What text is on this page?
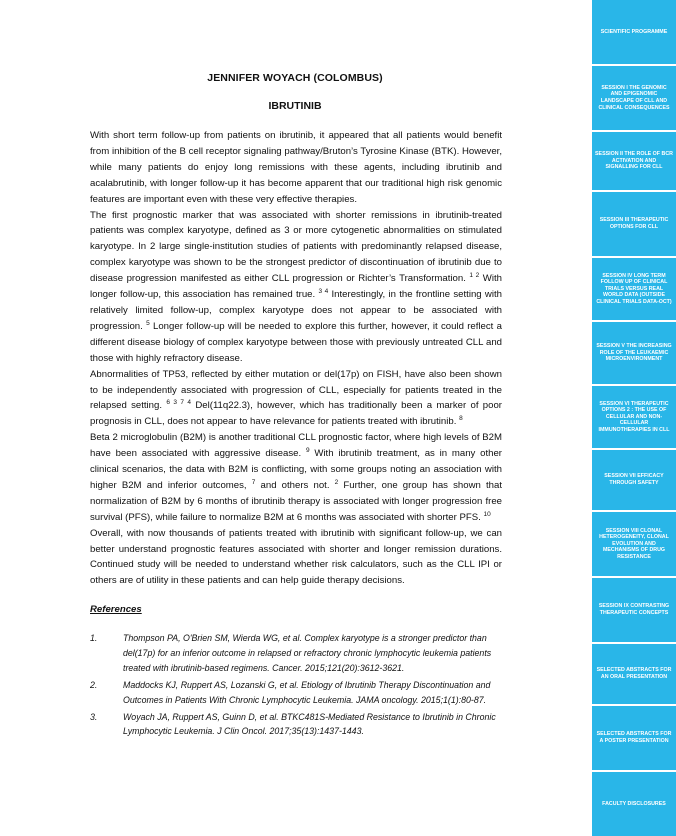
JENNIFER WOYACH (COLOMBUS)
IBRUTINIB

With short term follow-up from patients on ibrutinib, it appeared that all patients would benefit from inhibition of the B cell receptor signaling pathway/Bruton’s Tyrosine Kinase (BTK). However, while many patients do enjoy long remissions with these agents, including ibrutinib and acalabrutinib, with longer follow-up it has become apparent that our traditional high risk genomic features are important even with these very effective therapies.

The first prognostic marker that was associated with shorter remissions in ibrutinib-treated patients was complex karyotype, defined as 3 or more cytogenetic abnormalities on stimulated karyotype. In 2 large single-institution studies of patients with predominantly relapsed disease, complex karyotype was shown to be the strongest predictor of discontinuation of ibrutinib due to disease progression manifested as either CLL progression or Richter’s Transformation. $^{1 2}$ With longer follow-up, this association has remained true. $^{3 4}$ Interestingly, in the frontline setting with relatively limited follow-up, complex karyotype does not appear to be associated with progression. $^5$ Longer follow-up will be needed to explore this further, however, it could reflect a different disease biology of complex karyotype between those with previously untreated CLL and those with highly refractory disease.

Abnormalities of TP53, reflected by either mutation or del(17p) on FISH, have also been shown to be independently associated with progression of CLL, especially for patients treated in the relapsed setting. $^{6 3 7 4}$ Del(11q22.3), however, which has traditionally been a marker of poor prognosis in CLL, does not appear to have relevance for patients treated with ibrutinib. $^8$

Beta 2 microglobulin (B2M) is another traditional CLL prognostic factor, where high levels of B2M have been associated with aggressive disease. $^9$ With ibrutinib treatment, as in many other clinical scenarios, the data with B2M is conflicting, with some groups noting an association with higher B2M and inferior outcomes, $^7$ and others not. $^2$ Further, one group has shown that normalization of B2M by 6 months of ibrutinib therapy is associated with longer progression free survival (PFS), while failure to normalize B2M at 6 months was associated with shorter PFS. $^{10}$

Overall, with now thousands of patients treated with ibrutinib with significant follow-up, we can better understand prognostic features associated with shorter and longer remission durations. Continued study will be needed to understand whether risk calculators, such as the CLL IPI or others are of utility in these patients and can help guide therapy decisions.

References
1.	Thompson PA, O'Brien SM, Wierda WG, et al. Complex karyotype is a stronger predictor than del(17p) for an inferior outcome in relapsed or refractory chronic lymphocytic leukemia patients treated with ibrutinib-based regimens. Cancer. 2015;121(20):3612-3621.
2.	Maddocks KJ, Ruppert AS, Lozanski G, et al. Etiology of Ibrutinib Therapy Discontinuation and Outcomes in Patients With Chronic Lymphocytic Leukemia. JAMA oncology. 2015;1(1):80-87.
3.	Woyach JA, Ruppert AS, Guinn D, et al. BTKC481S-Mediated Resistance to Ibrutinib in Chronic Lymphocytic Leukemia. J Clin Oncol. 2017;35(13):1437-1443.
SCIENTIFIC PROGRAMME
SESSION I THE GENOMIC AND EPIGENOMIC LANDSCAPE OF CLL AND CLINICAL CONSEQUENCES
SESSION II THE ROLE OF BCR ACTIVATION AND SIGNALLING FOR CLL
SESSION III THERAPEUTIC OPTIONS FOR CLL
SESSION IV LONG TERM FOLLOW UP OF CLINICAL TRIALS VERSUS REAL WORLD DATA (OUTSIDE CLINICAL TRIALS DATA-OCT)
SESSION V THE INCREASING ROLE OF THE LEUKAEMIC MICROENVIRONMENT
SESSION VI THERAPEUTIC OPTIONS 2 : THE USE OF CELLULAR AND NON-CELLULAR IMMUNOTHERAPIES IN CLL
SESSION VII EFFICACY THROUGH SAFETY
SESSION VIII CLONAL HETEROGENEITY, CLONAL EVOLUTION AND MECHANISMS OF DRUG RESISTANCE
SESSION IX CONTRASTING THERAPEUTIC CONCEPTS
SELECTED ABSTRACTS FOR AN ORAL PRESENTATION
SELECTED ABSTRACTS FOR A POSTER PRESENTATION
FACULTY DISCLOSURES
